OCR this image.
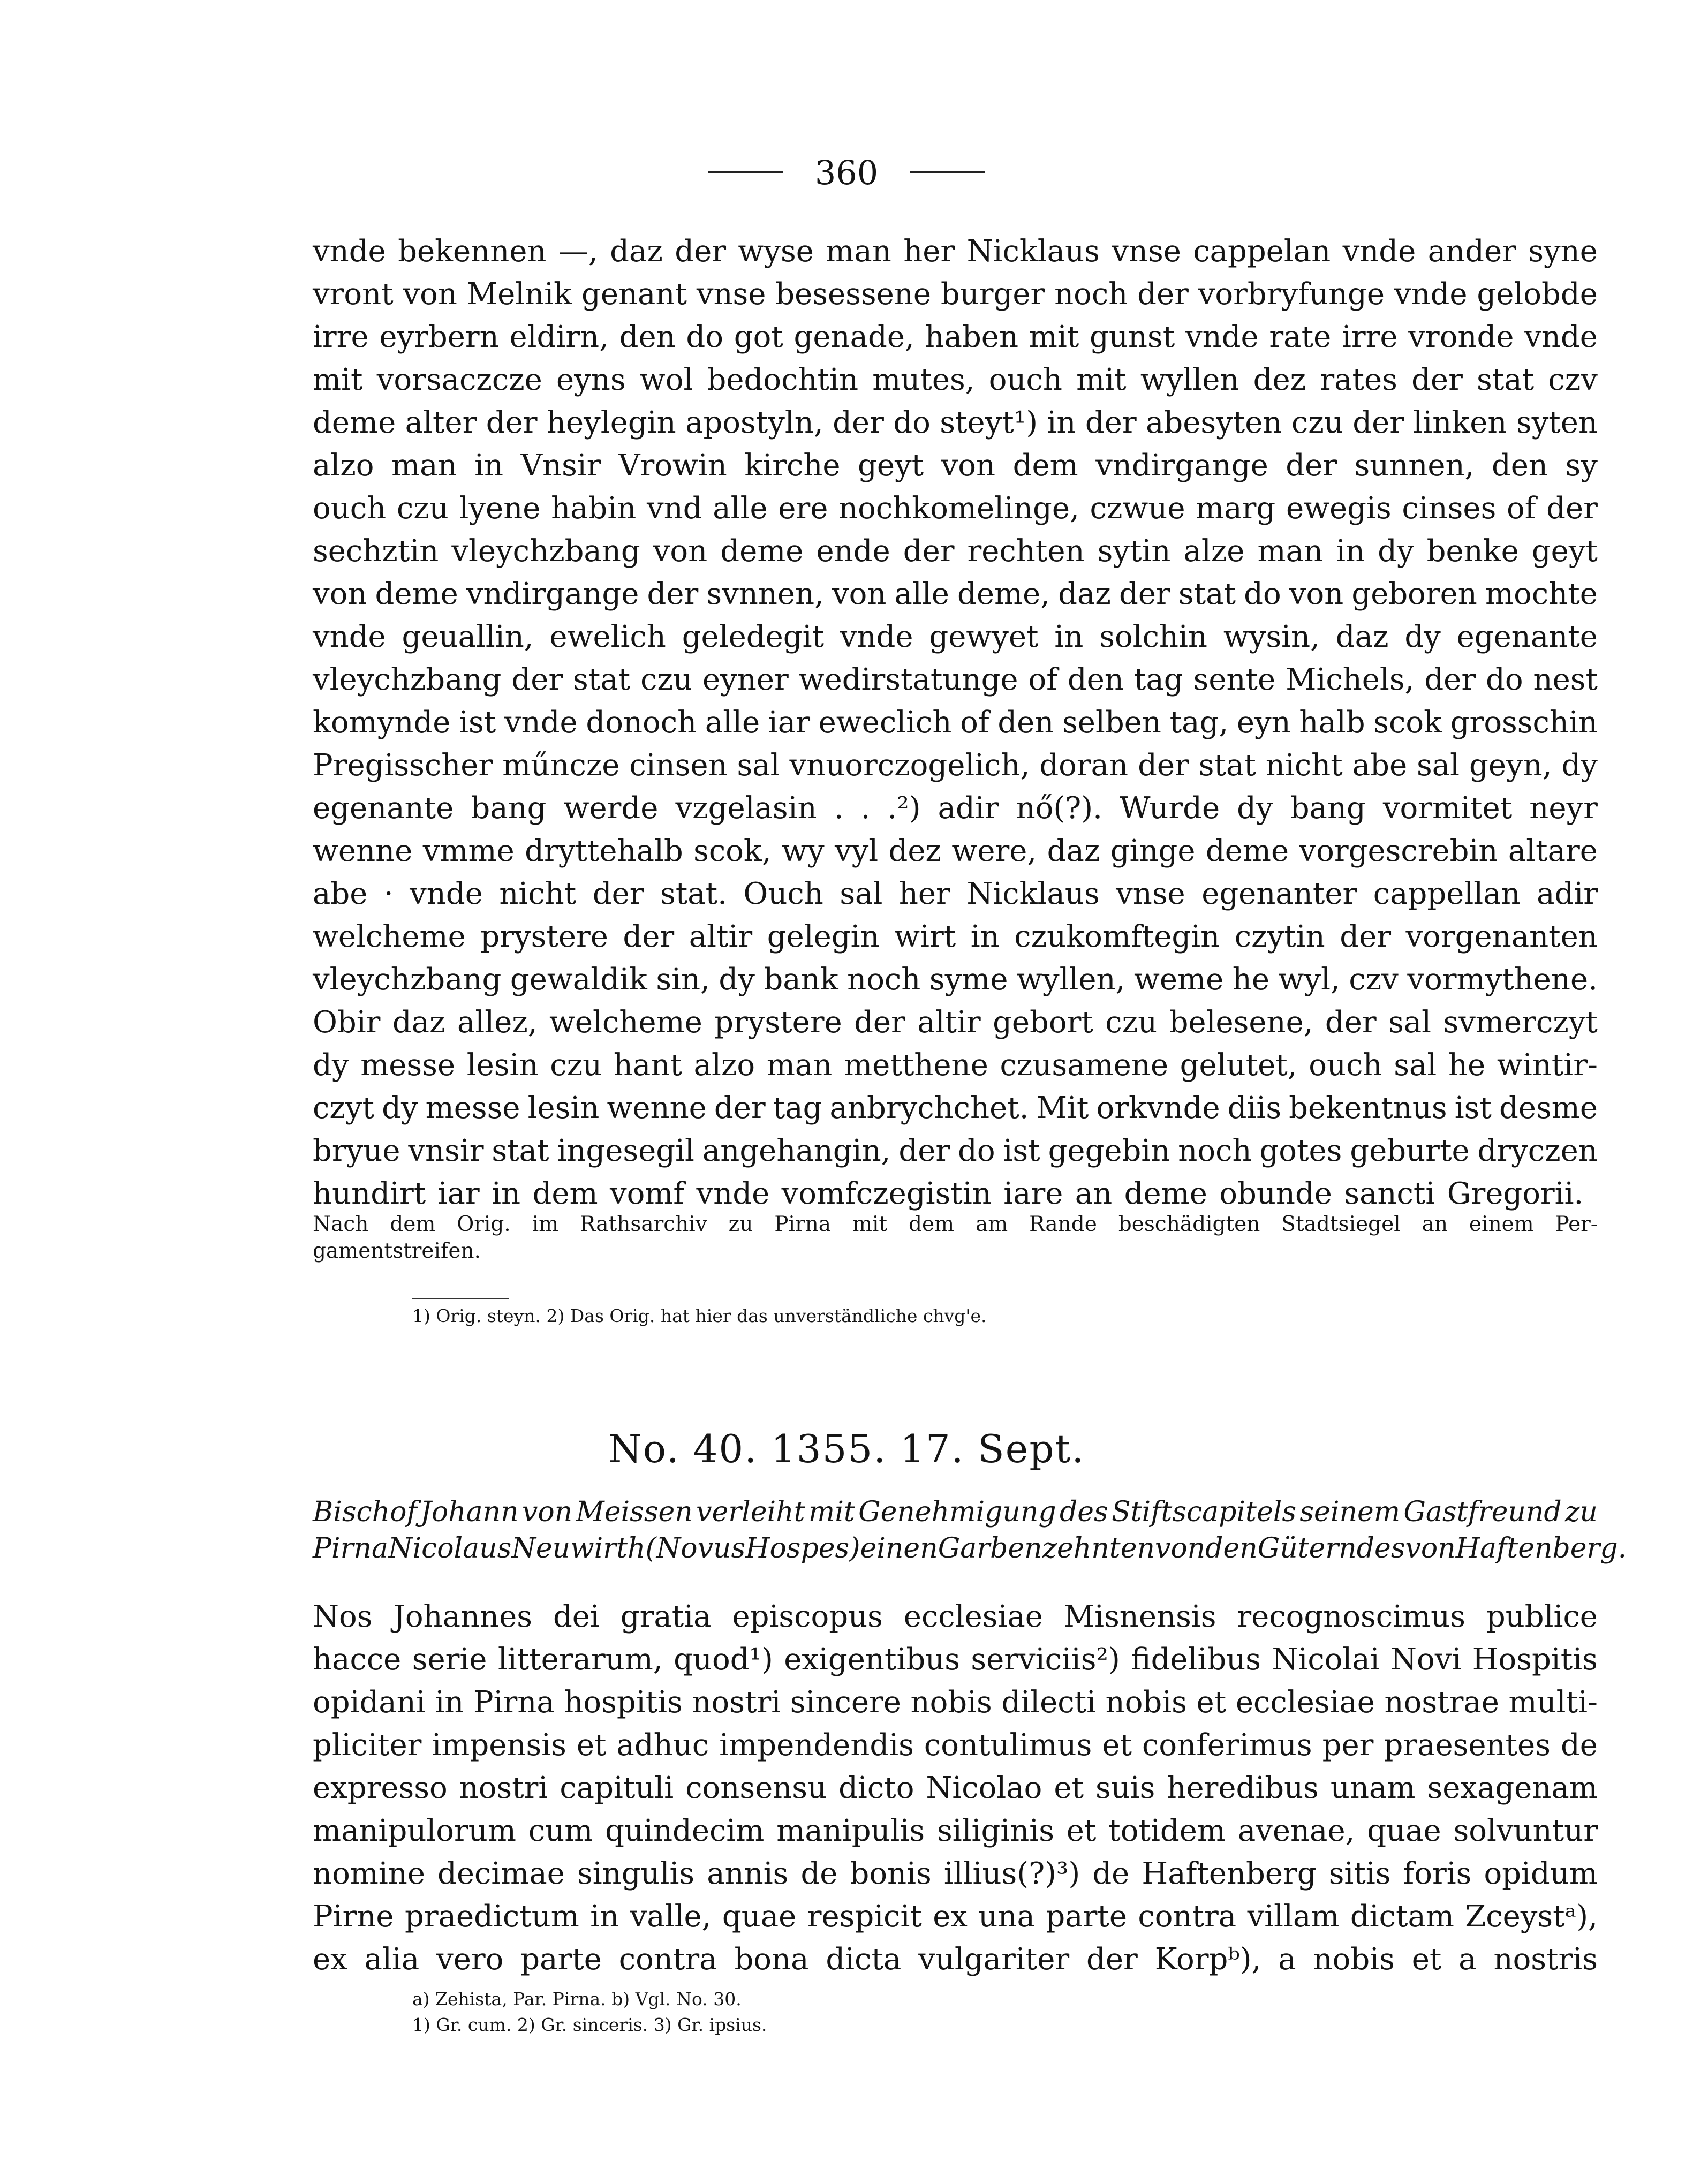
360
vnde bekennen —, daz der wyse man her Nicklaus vnse cappelan vnde ander syne
vront von Melnik genant vnse besessene burger noch der vorbryfunge vnde gelobde
irre eyrbern eldirn, den do got genade, haben mit gunst vnde rate irre vronde vnde
mit vorsaczcze eyns wol bedochtin mutes, ouch mit wyllen dez rates der stat czv
deme alter der heylegin apostyln, der do steyt¹) in der abesyten czu der linken syten
alzo man in Vnsir Vrowin kirche geyt von dem vndirgange der sunnen, den sy
ouch czu lyene habin vnd alle ere nochkomelinge, czwue marg ewegis cinses of der
sechztin vleychzbang von deme ende der rechten sytin alze man in dy benke geyt
von deme vndirgange der svnnen, von alle deme, daz der stat do von geboren mochte
vnde geuallin, ewelich geledegit vnde gewyet in solchin wysin, daz dy egenante
vleychzbang der stat czu eyner wedirstatunge of den tag sente Michels, der do nest
komynde ist vnde donoch alle iar eweclich of den selben tag, eyn halb scok grosschin
Pregisscher műncze cinsen sal vnuorczogelich, doran der stat nicht abe sal geyn, dy
egenante bang werde vzgelasin . . .²) adir nő(?). Wurde dy bang vormitet neyr
wenne vmme dryttehalb scok, wy vyl dez were, daz ginge deme vorgescrebin altare
abe · vnde nicht der stat. Ouch sal her Nicklaus vnse egenanter cappellan adir
welcheme prystere der altir gelegin wirt in czukomftegin czytin der vorgenanten
vleychzbang gewaldik sin, dy bank noch syme wyllen, weme he wyl, czv vormythene.
Obir daz allez, welcheme prystere der altir gebort czu belesene, der sal svmerczyt
dy messe lesin czu hant alzo man metthene czusamene gelutet, ouch sal he wintir-
czyt dy messe lesin wenne der tag anbrychchet. Mit orkvnde diis bekentnus ist desme
bryue vnsir stat ingesegil angehangin, der do ist gegebin noch gotes geburte dryczen
hundirt iar in dem vomf vnde vomfczegistin iare an deme obunde sancti Gregorii.
Nach dem Orig. im Rathsarchiv zu Pirna mit dem am Rande beschädigten Stadtsiegel an einem Per-
gamentstreifen.
1) Orig. steyn. 2) Das Orig. hat hier das unverständliche chvg'e.
No. 40. 1355. 17. Sept.
Bischof Johann von Meissen verleiht mit Genehmigung des Stiftscapitels seinem Gastfreund zu
Pirna Nicolaus Neuwirth (Novus Hospes) einen Garbenzehnten von den Gütern des von Haftenberg.
Nos Johannes dei gratia episcopus ecclesiae Misnensis recognoscimus publice
hacce serie litterarum, quod¹) exigentibus serviciis²) fidelibus Nicolai Novi Hospitis
opidani in Pirna hospitis nostri sincere nobis dilecti nobis et ecclesiae nostrae multi-
pliciter impensis et adhuc impendendis contulimus et conferimus per praesentes de
expresso nostri capituli consensu dicto Nicolao et suis heredibus unam sexagenam
manipulorum cum quindecim manipulis siliginis et totidem avenae, quae solvuntur
nomine decimae singulis annis de bonis illius(?)³) de Haftenberg sitis foris opidum
Pirne praedictum in valle, quae respicit ex una parte contra villam dictam Zceystᵃ),
ex alia vero parte contra bona dicta vulgariter der Korpᵇ), a nobis et a nostris
a) Zehista, Par. Pirna. b) Vgl. No. 30.
1) Gr. cum. 2) Gr. sinceris. 3) Gr. ipsius.
